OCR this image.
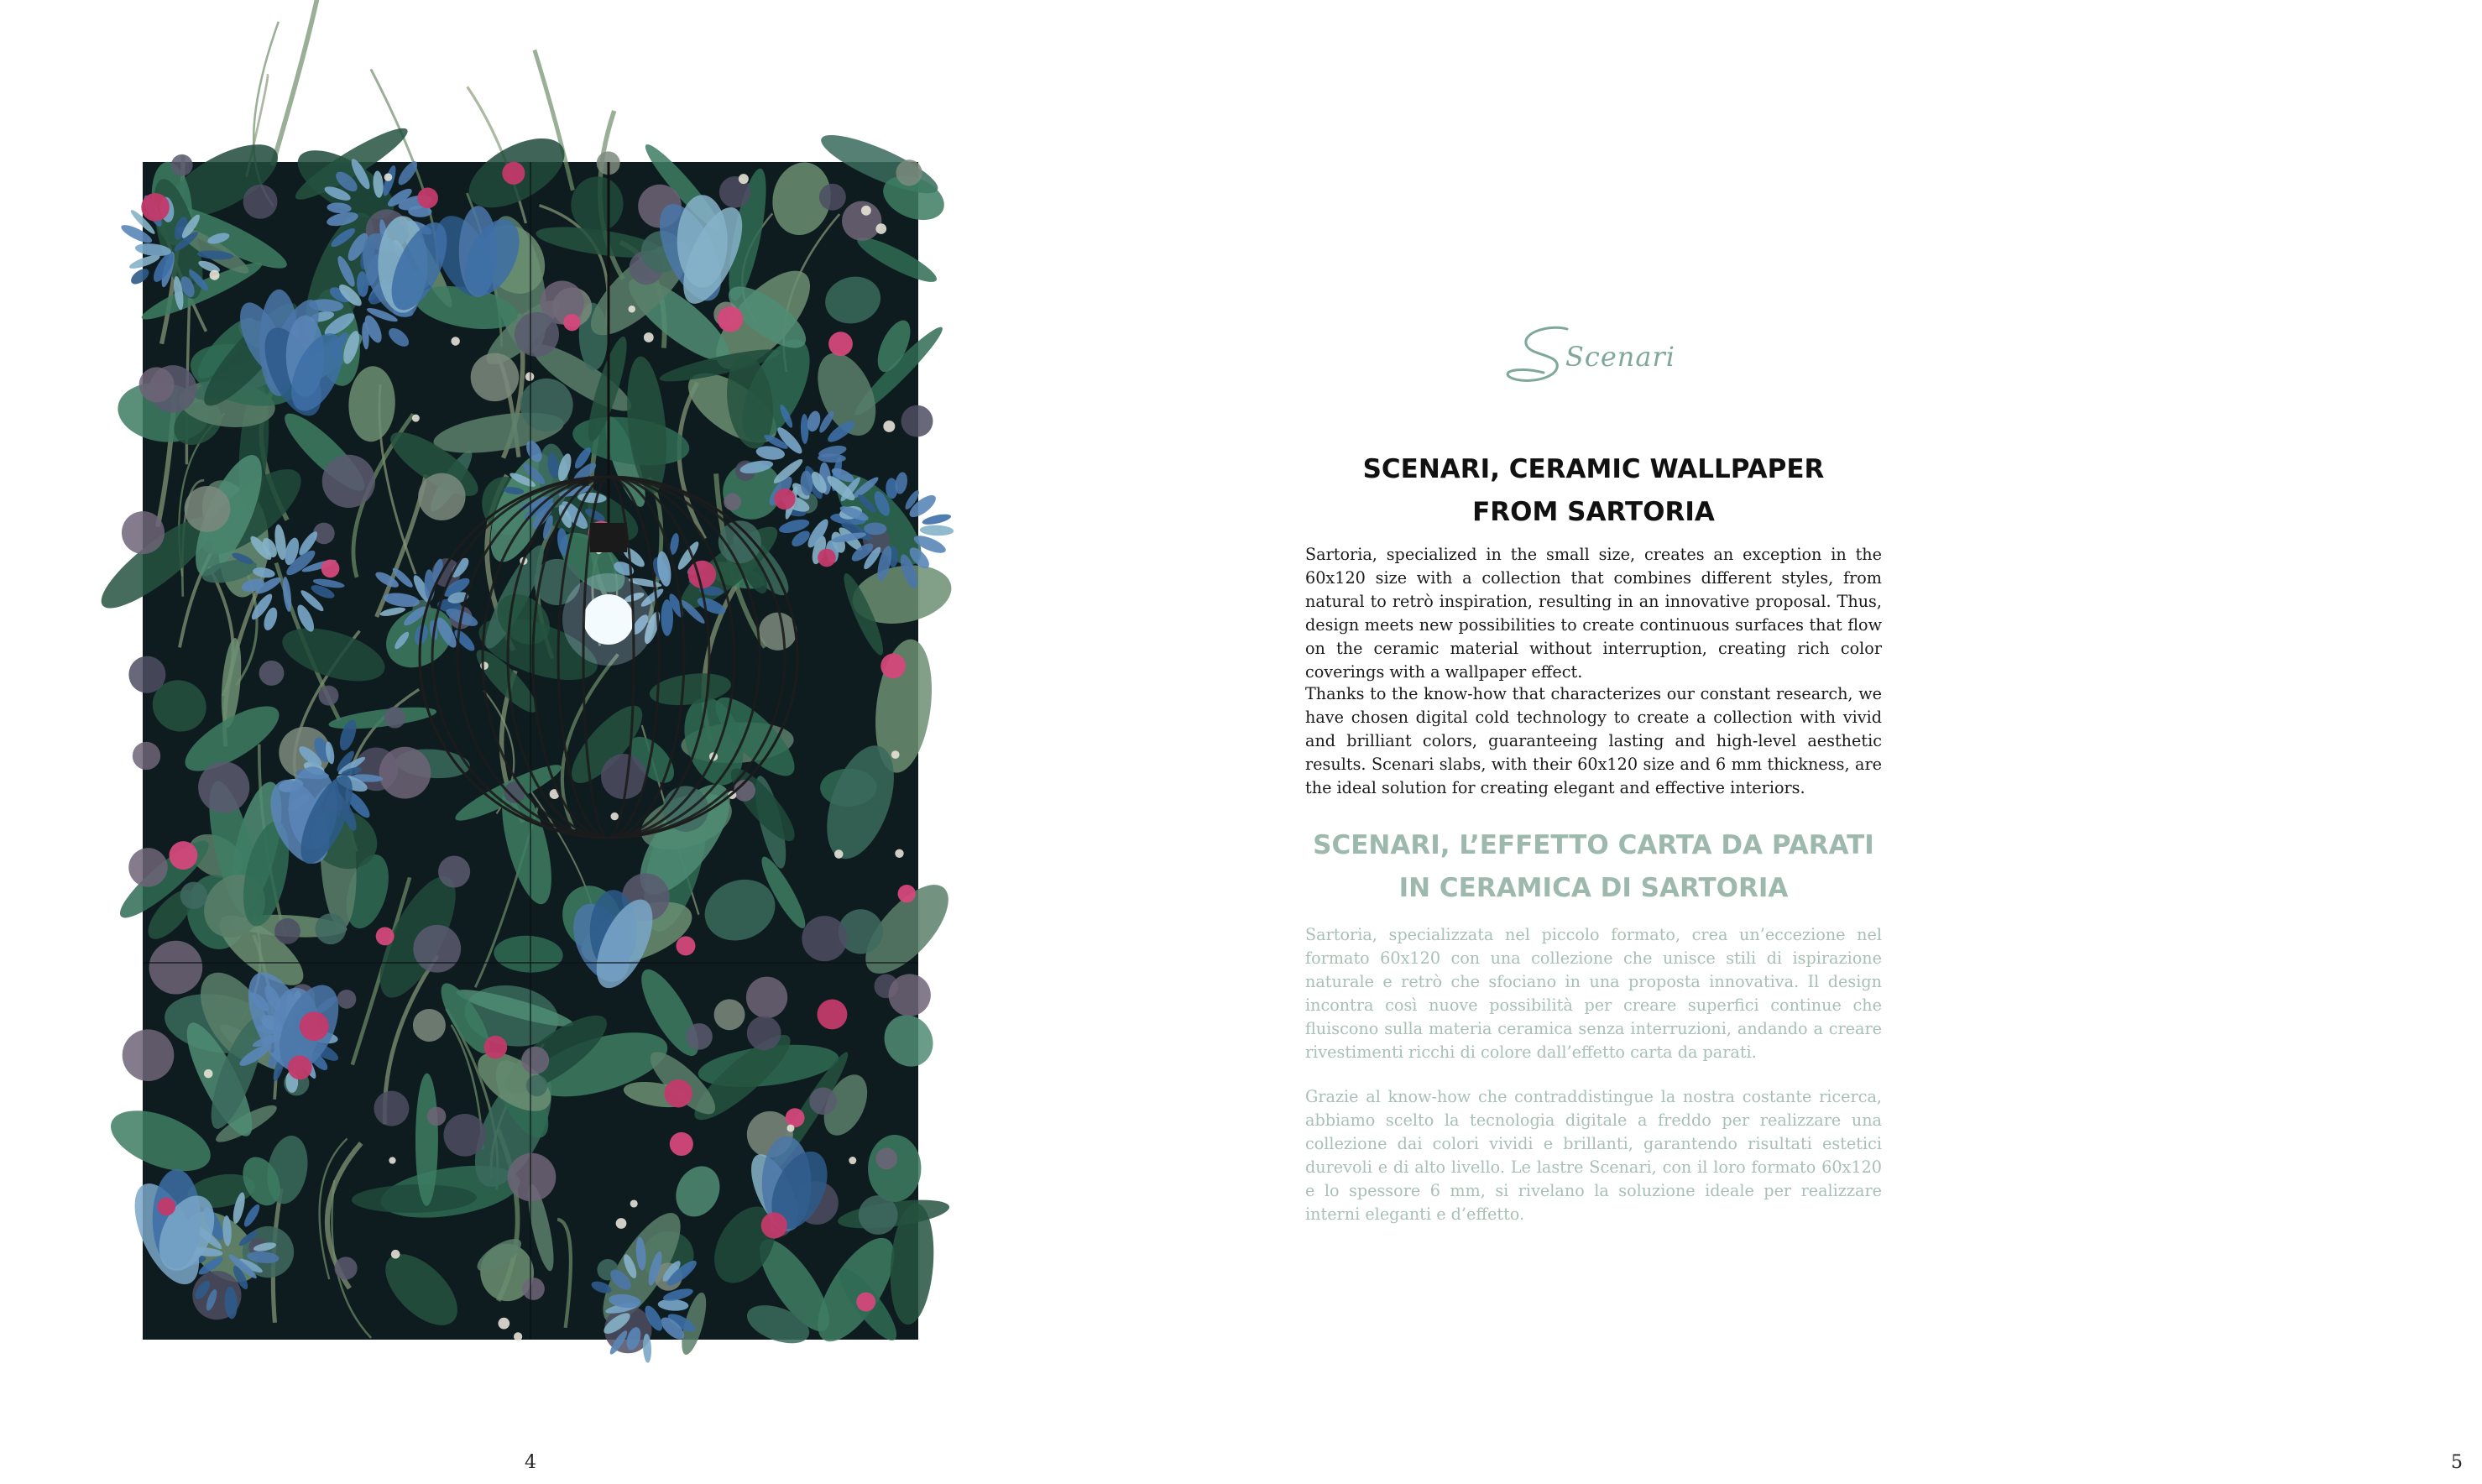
4
Scenari

SCENARI, CERAMIC WALLPAPER

FROM SARTORIA

Sartoria, specialized in the small size, creates an exception in the 60x120 size with a collection that combines different styles, from natural to retrò inspiration, resulting in an innovative proposal. Thus, design meets new possibilities to create continuous surfaces that flow on the ceramic material without interruption, creating rich color coverings with a wallpaper effect.

Thanks to the know-how that characterizes our constant research, we have chosen digital cold technology to create a collection with vivid and brilliant colors, guaranteeing lasting and high-level aesthetic results. Scenari slabs, with their 60x120 size and 6 mm thickness, are the ideal solution for creating elegant and effective interiors.

SCENARI, L’EFFETTO CARTA DA PARATI

IN CERAMICA DI SARTORIA

Sartoria, specializzata nel piccolo formato, crea un’eccezione nel formato 60x120 con una collezione che unisce stili di ispirazione naturale e retrò che sfociano in una proposta innovativa. Il design incontra così nuove possibilità per creare superfici continue che fluiscono sulla materia ceramica senza interruzioni, andando a creare rivestimenti ricchi di colore dall’effetto carta da parati.

Grazie al know-how che contraddistingue la nostra costante ricerca, abbiamo scelto la tecnologia digitale a freddo per realizzare una collezione dai colori vividi e brillanti, garantendo risultati estetici durevoli e di alto livello. Le lastre Scenari, con il loro formato 60x120 e lo spessore 6 mm, si rivelano la soluzione ideale per realizzare interni eleganti e d’effetto.

5
